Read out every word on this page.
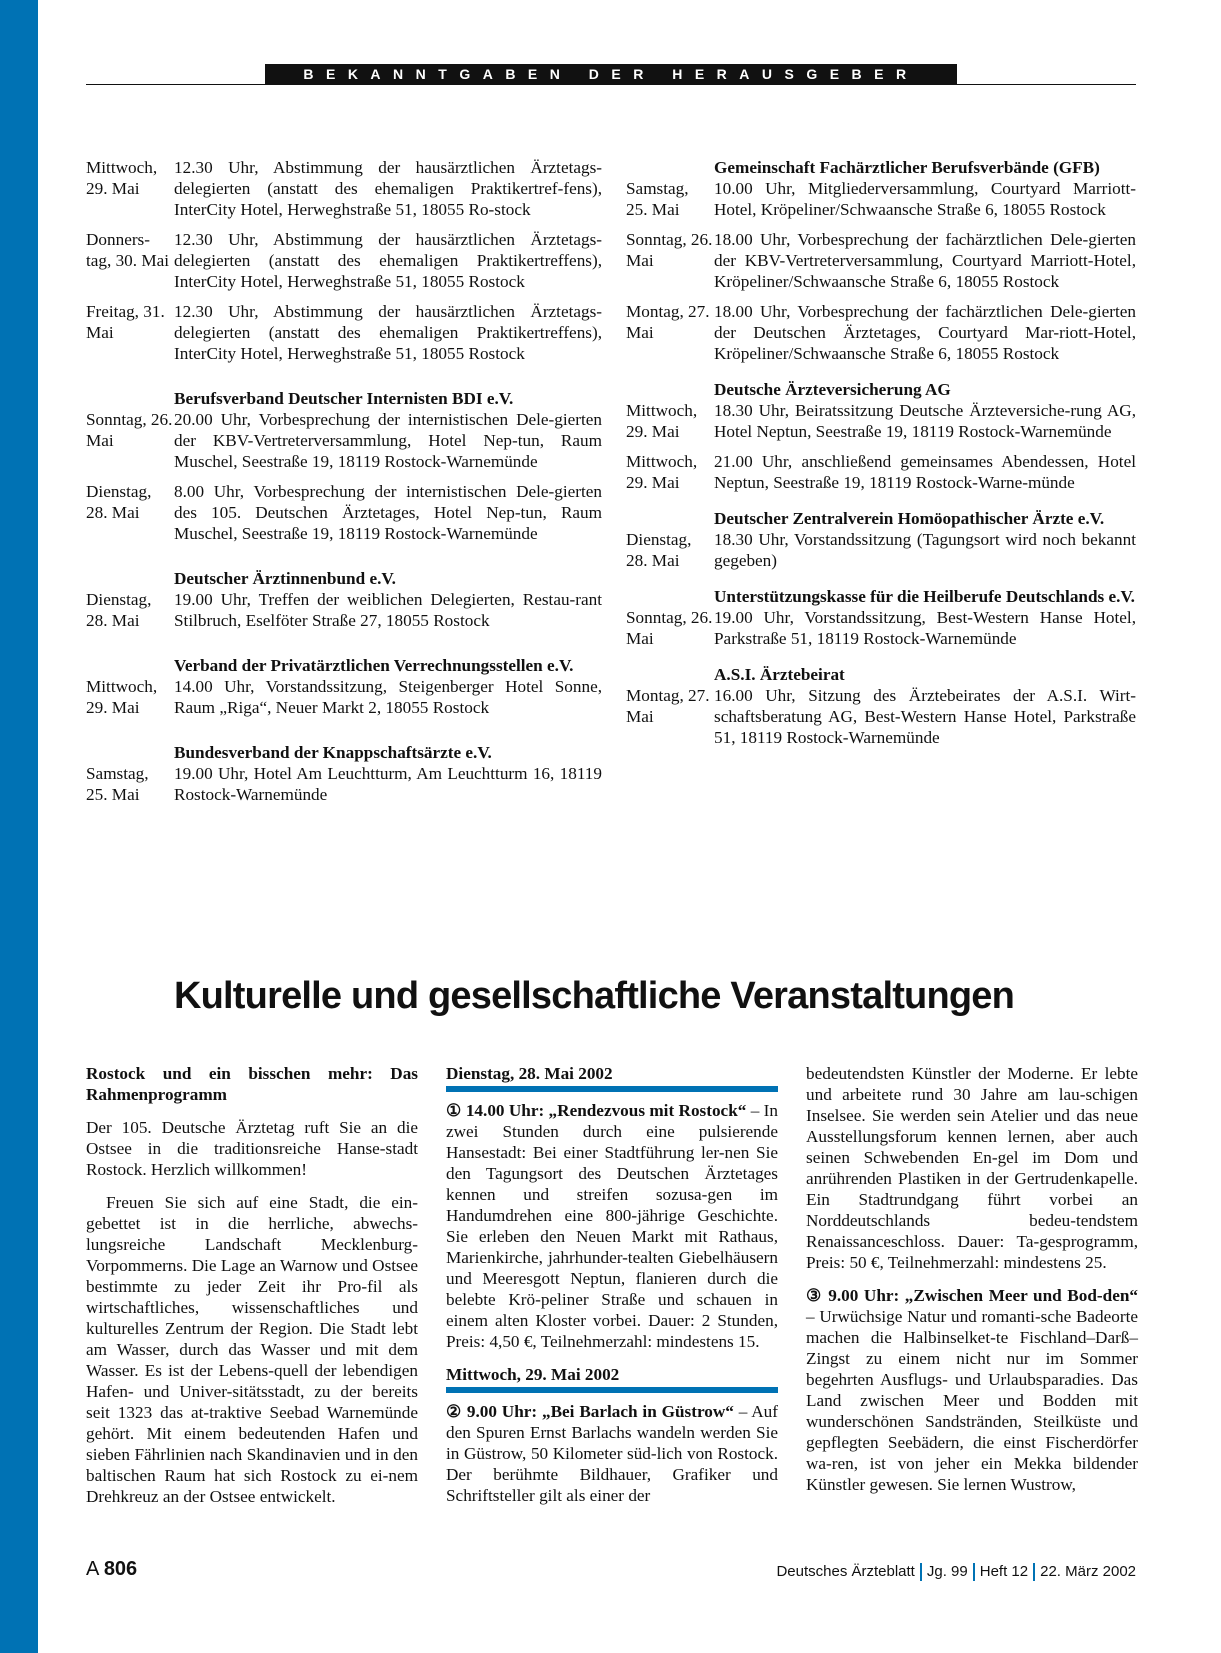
BEKANNTGABEN DER HERAUSGEBER
Mittwoch, 29. Mai
12.30 Uhr, Abstimmung der hausärztlichen Ärztetags-delegierten (anstatt des ehemaligen Praktikertref-fens), InterCity Hotel, Herweghstraße 51, 18055 Ro-stock
Donners-tag, 30. Mai
12.30 Uhr, Abstimmung der hausärztlichen Ärztetags-delegierten (anstatt des ehemaligen Praktikertreffens), InterCity Hotel, Herweghstraße 51, 18055 Rostock
Freitag, 31. Mai
12.30 Uhr, Abstimmung der hausärztlichen Ärztetags-delegierten (anstatt des ehemaligen Praktikertreffens), InterCity Hotel, Herweghstraße 51, 18055 Rostock
Berufsverband Deutscher Internisten BDI e.V.
Sonntag, 26. Mai
20.00 Uhr, Vorbesprechung der internistischen Dele-gierten der KBV-Vertreterversammlung, Hotel Nep-tun, Raum Muschel, Seestraße 19, 18119 Rostock-Warnemünde
Dienstag, 28. Mai
8.00 Uhr, Vorbesprechung der internistischen Dele-gierten des 105. Deutschen Ärztetages, Hotel Nep-tun, Raum Muschel, Seestraße 19, 18119 Rostock-Warnemünde
Deutscher Ärztinnenbund e.V.
Dienstag, 28. Mai
19.00 Uhr, Treffen der weiblichen Delegierten, Restau-rant Stilbruch, Eselföter Straße 27, 18055 Rostock
Verband der Privatärztlichen Verrechnungsstellen e.V.
Mittwoch, 29. Mai
14.00 Uhr, Vorstandssitzung, Steigenberger Hotel Sonne, Raum „Riga“, Neuer Markt 2, 18055 Rostock
Bundesverband der Knappschaftsärzte e.V.
Samstag, 25. Mai
19.00 Uhr, Hotel Am Leuchtturm, Am Leuchtturm 16, 18119 Rostock-Warnemünde
Gemeinschaft Fachärztlicher Berufsverbände (GFB)
Samstag, 25. Mai
10.00 Uhr, Mitgliederversammlung, Courtyard Marriott-Hotel, Kröpeliner/Schwaansche Straße 6, 18055 Rostock
Sonntag, 26. Mai
18.00 Uhr, Vorbesprechung der fachärztlichen Dele-gierten der KBV-Vertreterversammlung, Courtyard Marriott-Hotel, Kröpeliner/Schwaansche Straße 6, 18055 Rostock
Montag, 27. Mai
18.00 Uhr, Vorbesprechung der fachärztlichen Dele-gierten der Deutschen Ärztetages, Courtyard Mar-riott-Hotel, Kröpeliner/Schwaansche Straße 6, 18055 Rostock
Deutsche Ärzteversicherung AG
Mittwoch, 29. Mai
18.30 Uhr, Beiratssitzung Deutsche Ärzteversiche-rung AG, Hotel Neptun, Seestraße 19, 18119 Rostock-Warnemünde
Mittwoch, 29. Mai
21.00 Uhr, anschließend gemeinsames Abendessen, Hotel Neptun, Seestraße 19, 18119 Rostock-Warne-münde
Deutscher Zentralverein Homöopathischer Ärzte e.V.
Dienstag, 28. Mai
18.30 Uhr, Vorstandssitzung (Tagungsort wird noch bekannt gegeben)
Unterstützungskasse für die Heilberufe Deutschlands e.V.
Sonntag, 26. Mai
19.00 Uhr, Vorstandssitzung, Best-Western Hanse Hotel, Parkstraße 51, 18119 Rostock-Warnemünde
A.S.I. Ärztebeirat
Montag, 27. Mai
16.00 Uhr, Sitzung des Ärztebeirates der A.S.I. Wirt-schaftsberatung AG, Best-Western Hanse Hotel, Parkstraße 51, 18119 Rostock-Warnemünde
Kulturelle und gesellschaftliche Veranstaltungen
Rostock und ein bisschen mehr: Das Rahmenprogramm

Der 105. Deutsche Ärztetag ruft Sie an die Ostsee in die traditionsreiche Hanse-stadt Rostock. Herzlich willkommen!

Freuen Sie sich auf eine Stadt, die ein-gebettet ist in die herrliche, abwechs-lungsreiche Landschaft Mecklenburg-Vorpommerns. Die Lage an Warnow und Ostsee bestimmte zu jeder Zeit ihr Pro-fil als wirtschaftliches, wissenschaftliches und kulturelles Zentrum der Region. Die Stadt lebt am Wasser, durch das Wasser und mit dem Wasser. Es ist der Lebens-quell der lebendigen Hafen- und Univer-sitätsstadt, zu der bereits seit 1323 das at-traktive Seebad Warnemünde gehört. Mit einem bedeutenden Hafen und sieben Fährlinien nach Skandinavien und in den baltischen Raum hat sich Rostock zu ei-nem Drehkreuz an der Ostsee entwickelt.

Dienstag, 28. Mai 2002

① 14.00 Uhr: „Rendezvous mit Rostock“ – In zwei Stunden durch eine pulsierende Hansestadt: Bei einer Stadtführung ler-nen Sie den Tagungsort des Deutschen Ärztetages kennen und streifen sozusa-gen im Handumdrehen eine 800-jährige Geschichte. Sie erleben den Neuen Markt mit Rathaus, Marienkirche, jahrhunder-tealten Giebelhäusern und Meeresgott Neptun, flanieren durch die belebte Krö-peliner Straße und schauen in einem alten Kloster vorbei. Dauer: 2 Stunden, Preis: 4,50 €, Teilnehmerzahl: mindestens 15.

Mittwoch, 29. Mai 2002

② 9.00 Uhr: „Bei Barlach in Güstrow“ – Auf den Spuren Ernst Barlachs wandeln werden Sie in Güstrow, 50 Kilometer süd-lich von Rostock. Der berühmte Bildhauer, Grafiker und Schriftsteller gilt als einer der

bedeutendsten Künstler der Moderne. Er lebte und arbeitete rund 30 Jahre am lau-schigen Inselsee. Sie werden sein Atelier und das neue Ausstellungsforum kennen lernen, aber auch seinen Schwebenden En-gel im Dom und anrührenden Plastiken in der Gertrudenkapelle. Ein Stadtrundgang führt vorbei an Norddeutschlands bedeu-tendstem Renaissanceschloss. Dauer: Ta-gesprogramm, Preis: 50 €, Teilnehmerzahl: mindestens 25.

③ 9.00 Uhr: „Zwischen Meer und Bod-den“ – Urwüchsige Natur und romanti-sche Badeorte machen die Halbinselket-te Fischland–Darß–Zingst zu einem nicht nur im Sommer begehrten Ausflugs- und Urlaubsparadies. Das Land zwischen Meer und Bodden mit wunderschönen Sandstränden, Steilküste und gepflegten Seebädern, die einst Fischerdörfer wa-ren, ist von jeher ein Mekka bildender Künstler gewesen. Sie lernen Wustrow,

A 806	Deutsches Ärzteblatt Jg. 99 Heft 12 22. März 2002
